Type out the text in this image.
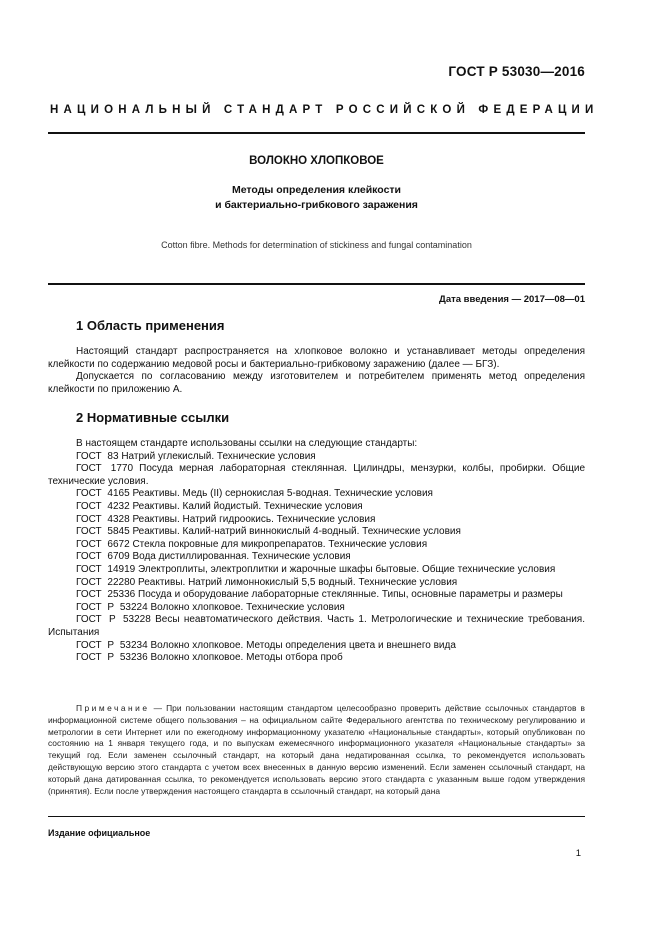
ГОСТ Р 53030—2016
НАЦИОНАЛЬНЫЙ СТАНДАРТ РОССИЙСКОЙ ФЕДЕРАЦИИ
ВОЛОКНО ХЛОПКОВОЕ
Методы определения клейкости
и бактериально-грибкового заражения
Cotton fibre. Methods for determination of stickiness and fungal contamination
Дата введения — 2017—08—01
1 Область применения

Настоящий стандарт распространяется на хлопковое волокно и устанавливает методы определения клейкости по содержанию медовой росы и бактериально-грибковому заражению (далее — БГЗ).

Допускается по согласованию между изготовителем и потребителем применять метод определения клейкости по приложению А.

2 Нормативные ссылки
В настоящем стандарте использованы ссылки на следующие стандарты:
ГОСТ 83 Натрий углекислый. Технические условия
ГОСТ 1770 Посуда мерная лабораторная стеклянная. Цилиндры, мензурки, колбы, пробирки. Общие технические условия.
ГОСТ 4165 Реактивы. Медь (II) сернокислая 5-водная. Технические условия
ГОСТ 4232 Реактивы. Калий йодистый. Технические условия
ГОСТ 4328 Реактивы. Натрий гидроокись. Технические условия
ГОСТ 5845 Реактивы. Калий-натрий виннокислый 4-водный. Технические условия
ГОСТ 6672 Стекла покровные для микропрепаратов. Технические условия
ГОСТ 6709 Вода дистиллированная. Технические условия
ГОСТ 14919 Электроплиты, электроплитки и жарочные шкафы бытовые. Общие технические условия
ГОСТ 22280 Реактивы. Натрий лимоннокислый 5,5 водный. Технические условия
ГОСТ 25336 Посуда и оборудование лабораторные стеклянные. Типы, основные параметры и размеры
ГОСТ Р 53224 Волокно хлопковое. Технические условия
ГОСТ Р 53228 Весы неавтоматического действия. Часть 1. Метрологические и технические требования. Испытания
ГОСТ Р 53234 Волокно хлопковое. Методы определения цвета и внешнего вида
ГОСТ Р 53236 Волокно хлопковое. Методы отбора проб

Примечание — При пользовании настоящим стандартом целесообразно проверить действие ссылочных стандартов в информационной системе общего пользования – на официальном сайте Федерального агентства по техническому регулированию и метрологии в сети Интернет или по ежегодному информационному указателю «Национальные стандарты», который опубликован по состоянию на 1 января текущего года, и по выпускам ежемесячного информационного указателя «Национальные стандарты» за текущий год. Если заменен ссылочный стандарт, на который дана недатированная ссылка, то рекомендуется использовать действующую версию этого стандарта с учетом всех внесенных в данную версию изменений. Если заменен ссылочный стандарт, на который дана датированная ссылка, то рекомендуется использовать версию этого стандарта с указанным выше годом утверждения (принятия). Если после утверждения настоящего стандарта в ссылочный стандарт, на который дана

Издание официальное
1
